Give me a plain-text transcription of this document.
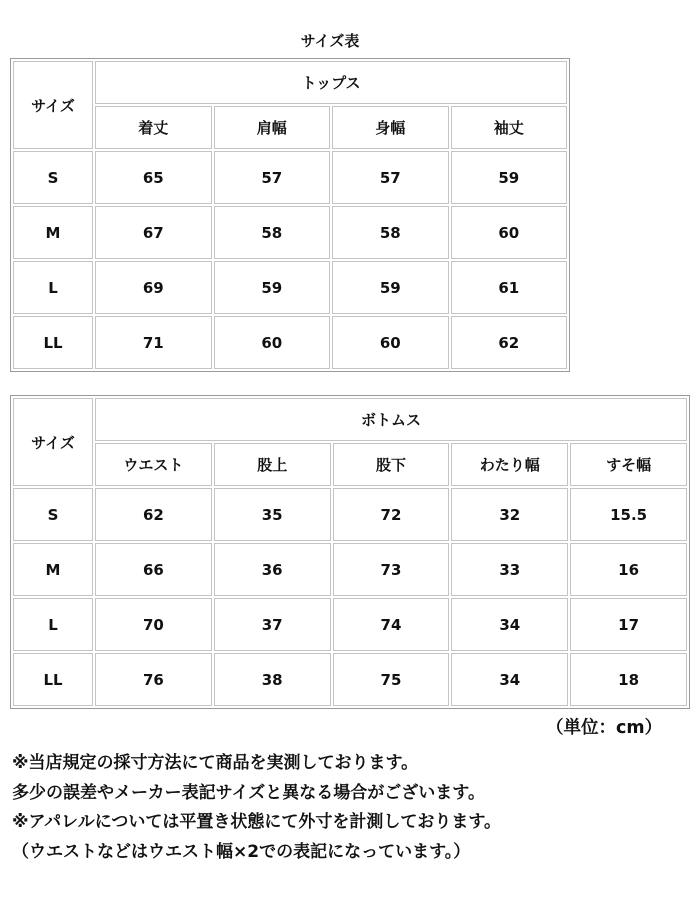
サイズ表
サイズ	トップス			
	着丈	肩幅	身幅	袖丈
S	65	57	57	59
M	67	58	58	60
L	69	59	59	61
LL	71	60	60	62
サイズ	ボトムス				
	ウエスト	股上	股下	わたり幅	すそ幅
S	62	35	72	32	15.5
M	66	36	73	33	16
L	70	37	74	34	17
LL	76	38	75	34	18
（単位：cm）
※当店規定の採寸方法にて商品を実測しております。
多少の誤差やメーカー表記サイズと異なる場合がございます。
※アパレルについては平置き状態にて外寸を計測しております。
（ウエストなどはウエスト幅×2での表記になっています。）
